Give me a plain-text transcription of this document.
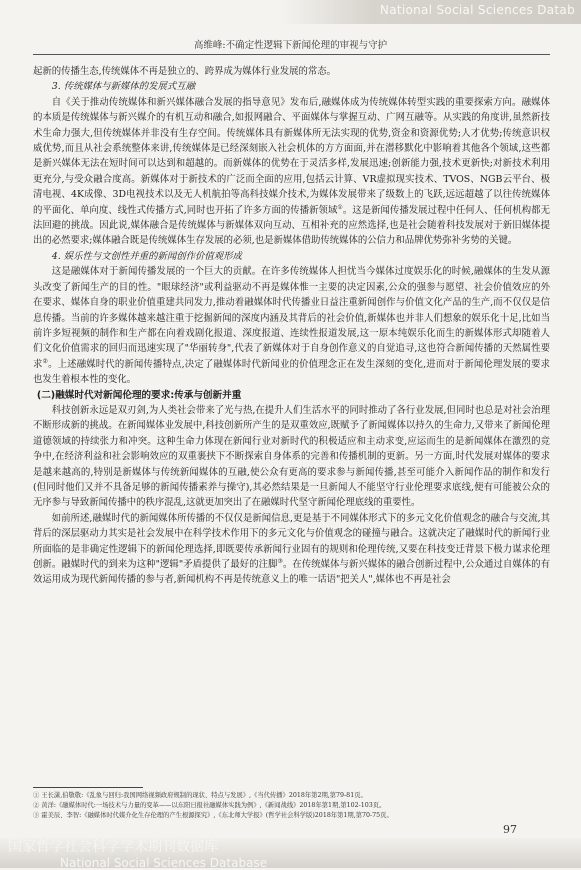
National Social Sciences Datab
高维峰:不确定性逻辑下新闻伦理的审视与守护

起新的传播生态,传统媒体不再是独立的、跨界成为媒体行业发展的常态。

3. 传统媒体与新媒体的发展式互融

自《关于推动传统媒体和新兴媒体融合发展的指导意见》发布后,融媒体成为传统媒体转型实践的重要探索方向。融媒体的本质是传统媒体与新兴媒介的有机互动和融合,如报网融合、平面媒体与掌握互动、广网互融等。从实践的角度讲,虽然新技术生命力强大,但传统媒体并非没有生存空间。传统媒体具有新媒体所无法实现的优势,资金和资源优势;人才优势;传统意识权威优势,而且从社会系统整体来讲,传统媒体是已经深刻嵌入社会机体的方方面面,并在潜移默化中影响着其他各个领域,这些都是新兴媒体无法在短时间可以达到和超越的。而新媒体的优势在于灵活多样,发展迅速;创新能力强,技术更新快;对新技术利用更充分,与受众融合度高。新媒体对于新技术的广泛而全面的应用,包括云计算、VR虚拟现实技术、TVOS、NGB云平台、极清电视、4K成像、3D电视技术以及无人机航拍等高科技媒介技术,为媒体发展带来了级数上的飞跃,远远超越了以往传统媒体的平面化、单向度、线性式传播方式,同时也开拓了许多方面的传播新领域①。这是新闻传播发展过程中任何人、任何机构都无法回避的挑战。因此说,媒体融合是传统媒体与新媒体双向互动、互相补充的应然选择,也是社会随着科技发展对于新旧媒体提出的必然要求;媒体融合既是传统媒体生存发展的必须,也是新媒体借助传统媒体的公信力和品牌优势弥补劣势的关键。

4. 娱乐性与文创性并重的新闻创作价值观形成

这是融媒体对于新闻传播发展的一个巨大的贡献。在许多传统媒体人担忧当今媒体过度娱乐化的时候,融媒体的生发从源头改变了新闻生产的目的性。"眼球经济"或利益驱动不再是媒体惟一主要的决定因素,公众的强参与愿望、社会价值效应的外在要求、媒体自身的职业价值重建共同发力,推动着融媒体时代传播业日益注重新闻创作与价值文化产品的生产,而不仅仅是信息传播。当前的许多媒体越来越注重于挖掘新闻的深度内涵及其背后的社会价值,新媒体也并非人们想象的娱乐化十足,比如当前许多短视频的制作和生产都在向着戏剧化报道、深度报道、连续性报道发展,这一原本纯娱乐化而生的新媒体形式却随着人们文化价值需求的回归而迅速实现了"华丽转身",代表了新媒体对于自身创作意义的自觉追寻,这也符合新闻传播的天然属性要求②。上述融媒时代的新闻传播特点,决定了融媒体时代新闻业的价值理念正在发生深刻的变化,进而对于新闻伦理发展的要求也发生着根本性的变化。

(二)融媒时代对新闻伦理的要求:传承与创新并重

科技创新永远是双刃剑,为人类社会带来了光与热,在提升人们生活水平的同时推动了各行业发展,但同时也总是对社会治理不断形成新的挑战。在新闻媒体业发展中,科技创新所产生的是双重效应,既赋予了新闻媒体以持久的生命力,又带来了新闻伦理道德领域的持续张力和冲突。这种生命力体现在新闻行业对新时代的积极适应和主动求变,应运而生的是新闻媒体在激烈的竞争中,在经济利益和社会影响效应的双重裹挟下不断探索自身体系的完善和传播机制的更新。另一方面,时代发展对媒体的要求是越来越高的,特别是新媒体与传统新闻媒体的互融,使公众有更高的要求参与新闻传播,甚至可能介入新闻作品的制作和发行(但同时他们又并不具备足够的新闻传播素养与操守),其必然结果是一旦新闻人不能坚守行业伦理要求底线,便有可能被公众的无序参与导致新闻传播中的秩序混乱,这就更加突出了在融媒时代坚守新闻伦理底线的重要性。

如前所述,融媒时代的新闻媒体所传播的不仅仅是新闻信息,更是基于不同媒体形式下的多元文化价值观念的融合与交流,其背后的深层驱动力其实是社会发展中在科学技术作用下的多元文化与价值观念的碰撞与融合。这就决定了融媒时代的新闻行业所面临的是非确定性逻辑下的新闻伦理选择,即既要传承新闻行业固有的规则和伦理传统,又要在科技变迁背景下极力谋求伦理创新。融媒时代的到来为这种"逻辑"矛盾提供了最好的注脚③。在传统媒体与新兴媒体的融合创新过程中,公众通过自媒体的有效运用成为现代新闻传播的参与者,新闻机构不再是传统意义上的唯一话语"把关人",媒体也不再是社会

① 王长潇,伯敬敬:《乱象与回归:我国网络视频政府规制的现状、特点与发展》,《当代传播》2018年第2期,第79-81页。
② 黄洋:《融媒体时代:一场技术与力量的变革——以东阳日报社融媒体实践为例》,《新闻战线》2018年第1期,第102-103页。
③ 霍美辰、李智:《融媒体时代媒介化生存伦理的产生根源探究》,《东北师大学报》(哲学社会科学版)2018年第1期,第70-75页。
97
国家哲学社会科学学术期刊数据库
National Social Sciences Database
